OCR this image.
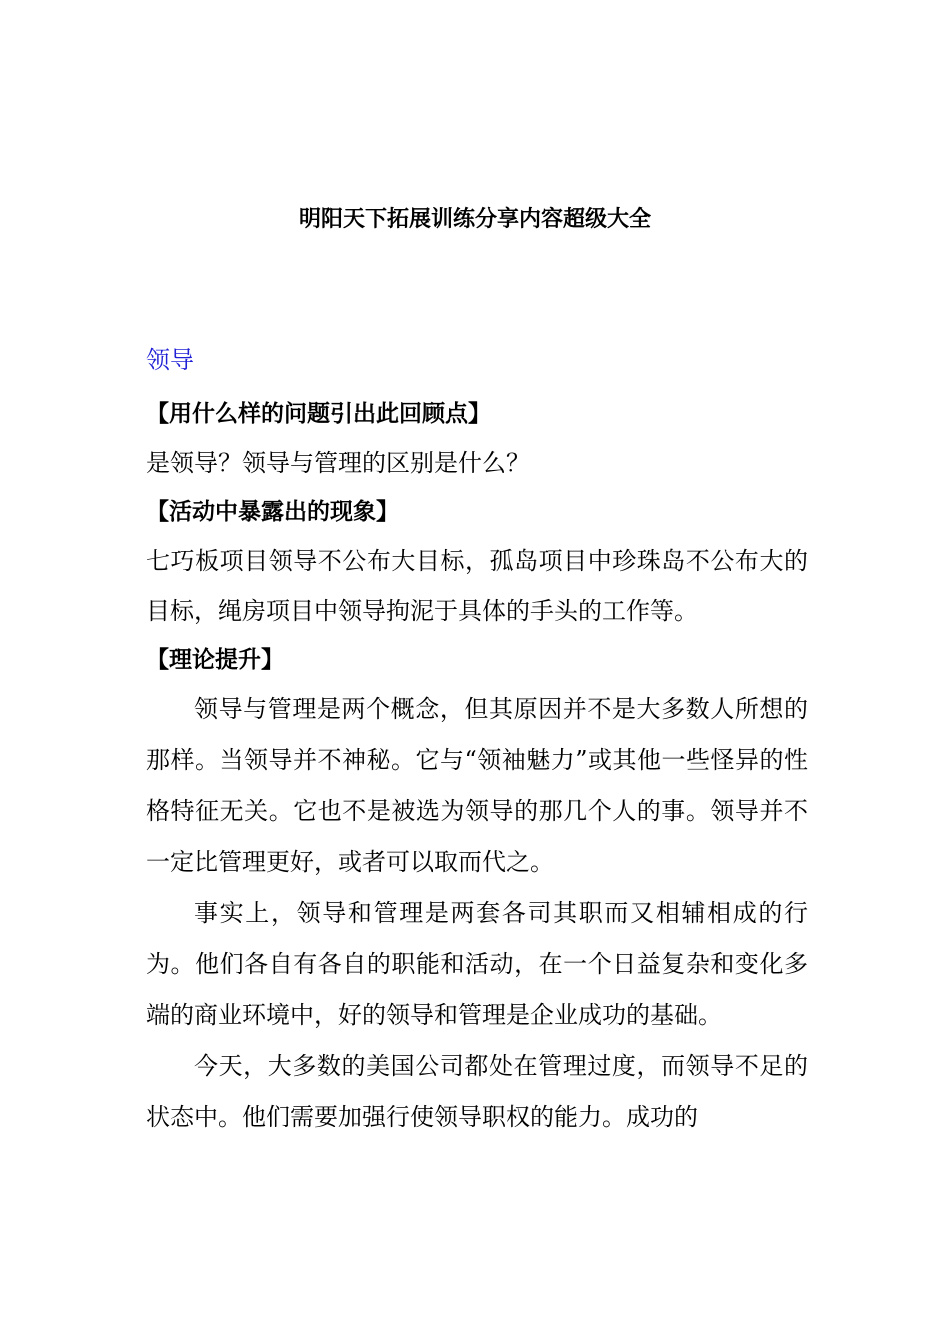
明阳天下拓展训练分享内容超级大全
领导
【用什么样的问题引出此回顾点】

是领导？领导与管理的区别是什么？

【活动中暴露出的现象】

七巧板项目领导不公布大目标，孤岛项目中珍珠岛不公布大的目标，绳房项目中领导拘泥于具体的手头的工作等。

【理论提升】

领导与管理是两个概念，但其原因并不是大多数人所想的那样。当领导并不神秘。它与“领袖魅力”或其他一些怪异的性格特征无关。它也不是被选为领导的那几个人的事。领导并不一定比管理更好，或者可以取而代之。

事实上，领导和管理是两套各司其职而又相辅相成的行为。他们各自有各自的职能和活动，在一个日益复杂和变化多端的商业环境中，好的领导和管理是企业成功的基础。

今天，大多数的美国公司都处在管理过度，而领导不足的状态中。他们需要加强行使领导职权的能力。成功的
